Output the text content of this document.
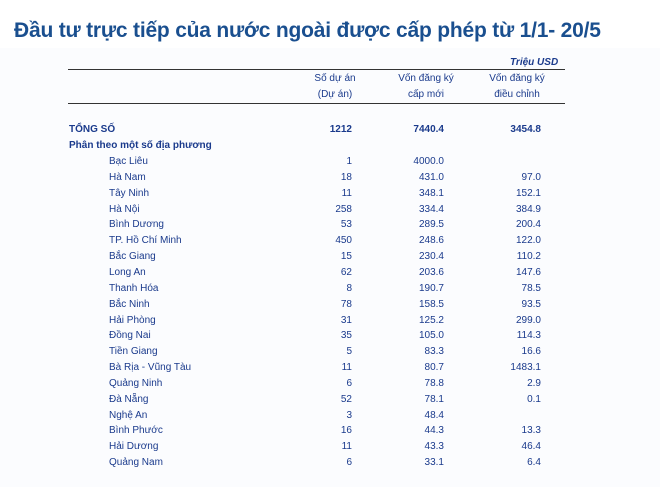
Đầu tư trực tiếp của nước ngoài được cấp phép từ 1/1- 20/5
Triệu USD
Số dự án
(Dự án)
Vốn đăng ký
cấp mới
Vốn đăng ký
điều chỉnh
TỔNG SỐ	1212	7440.4	3454.8
Phân theo một số địa phương
Bạc Liêu	1	4000.0
Hà Nam	18	431.0	97.0
Tây Ninh	11	348.1	152.1
Hà Nội	258	334.4	384.9
Bình Dương	53	289.5	200.4
TP. Hồ Chí Minh	450	248.6	122.0
Bắc Giang	15	230.4	110.2
Long An	62	203.6	147.6
Thanh Hóa	8	190.7	78.5
Bắc Ninh	78	158.5	93.5
Hải Phòng	31	125.2	299.0
Đồng Nai	35	105.0	114.3
Tiền Giang	5	83.3	16.6
Bà Rịa - Vũng Tàu	11	80.7	1483.1
Quảng Ninh	6	78.8	2.9
Đà Nẵng	52	78.1	0.1
Nghệ An	3	48.4
Bình Phước	16	44.3	13.3
Hải Dương	11	43.3	46.4
Quảng Nam	6	33.1	6.4
